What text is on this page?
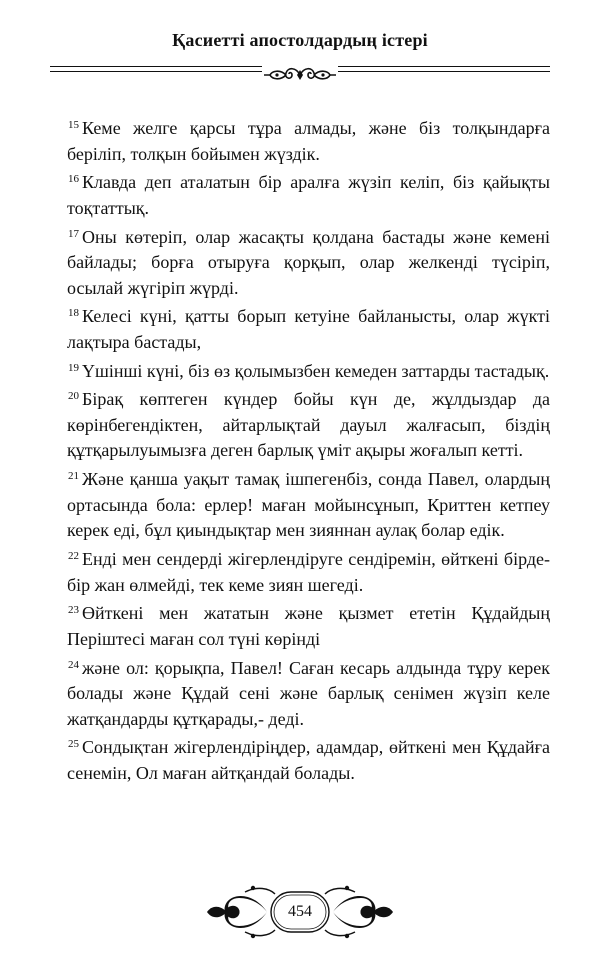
Қасиетті апостолдардың істері

$^{15}$ Кеме желге қарсы тұра алмады, және біз толқындарға беріліп, толқын бойымен жүздік.

$^{16}$ Клавда деп аталатын бір аралға жүзіп келіп, біз қайықты тоқтаттық.

$^{17}$ Оны көтеріп, олар жасақты қолдана бастады және кемені байлады; борға отыруға қорқып, олар желкенді түсіріп, осылай жүгіріп жүрді.

$^{18}$ Келесі күні, қатты борып кетуіне байланысты, олар жүкті лақтыра бастады,

$^{19}$ Үшінші күні, біз өз қолымызбен кемеден заттарды тастадық.

$^{20}$ Бірақ көптеген күндер бойы күн де, жұлдыздар да көрінбегендіктен, айтарлықтай дауыл жалғасып, біздің құтқарылуымызға деген барлық үміт ақыры жоғалып кетті.

$^{21}$ Және қанша уақыт тамақ ішпегенбіз, сонда Павел, олардың ортасында бола: ерлер! маған мойынсұнып, Криттен кетпеу керек еді, бұл қиындықтар мен зияннан аулақ болар едік.

$^{22}$ Енді мен сендерді жігерлендіруге сендіремін, өйткені бірде-бір жан өлмейді, тек кеме зиян шегеді.

$^{23}$ Өйткені мен жататын және қызмет ететін Құдайдың Періштесі маған сол түні көрінді

$^{24}$ және ол: қорықпа, Павел! Саған кесарь алдында тұру керек болады және Құдай сені және барлық сенімен жүзіп келе жатқандарды құтқарады,- деді.

$^{25}$ Сондықтан жігерлендіріңдер, адамдар, өйткені мен Құдайға сенемін, Ол маған айтқандай болады.

454
